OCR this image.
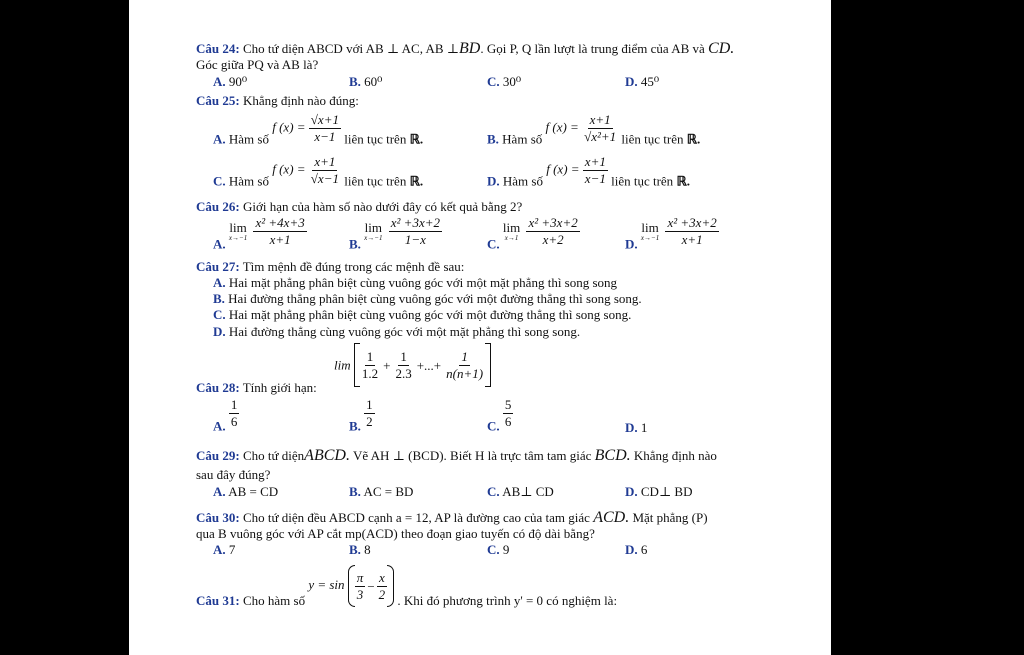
Câu 24: Cho tứ diện ABCD với AB ⊥ AC, AB ⊥BD. Gọi P, Q lần lượt là trung điểm của AB và CD.
Góc giữa PQ và AB là?
A. 90⁰	B. 60⁰	C. 30⁰	D. 45⁰
Câu 25: Khẳng định nào đúng:
A. Hàm số f $(x) = \frac{√x+1}{x-1}$ liên tục trên ℝ.	B. Hàm số f $(x) = \frac{x+1}{\text{√x²+1}}$ liên tục trên ℝ.
C. Hàm số f $(x) = \frac{x+1}{√x-1}$ liên tục trên ℝ.	D. Hàm số f $(x) = \frac{x+1}{x-1}$ liên tục trên ℝ.
Câu 26: Giới hạn của hàm số nào dưới đây có kết quả bằng 2?
A.
lim
x→−1
$\frac{\text{x² +4x+3}}{x+1}$	B.
lim
x→−1
$\frac{\text{x² +3x+2}}{1-x}$	C.
lim
x→1
$\frac{\text{x² +3x+2}}{x+2}$	D.
lim
x→−1
$\frac{\text{x² +3x+2}}{x+1}$
Câu 27: Tìm mệnh đề đúng trong các mệnh đề sau:
A. Hai mặt phẳng phân biệt cùng vuông góc với một mặt phẳng thì song song
B. Hai đường thẳng phân biệt cùng vuông góc với một đường thẳng thì song song.
C. Hai mặt phẳng phân biệt cùng vuông góc với một đường thẳng thì song song.
D. Hai đường thẳng cùng vuông góc với một mặt phẳng thì song song.
$\lim \frac{1}{1.2} + \frac{1}{2.3}$ +...+ $\frac{1}{n(n+1)}$
Câu 28: Tính giới hạn:
A. $\frac{1}{6}$	B. $\frac{1}{2}$	C. $\frac{5}{6}$	D. 1
Câu 29: Cho tứ diệnABCD. Vẽ AH ⊥ (BCD). Biết H là trực tâm tam giác BCD. Khẳng định nào
sau đây đúng?
A. AB = CD	B. AC = BD	C. AB⊥ CD	D. CD⊥ BD
Câu 30: Cho tứ diện đều ABCD cạnh a = 12, AP là đường cao của tam giác ACD. Mặt phẳng (P)
qua B vuông góc với AP cắt mp(ACD) theo đoạn giao tuyến có độ dài bằng?
A. 7	B. 8	C. 9	D. 6
Câu 31: Cho hàm số $y = \sin \frac{\pi}{3} - \frac{x}{2}$ . Khi đó phương trình y' = 0 có nghiệm là:
